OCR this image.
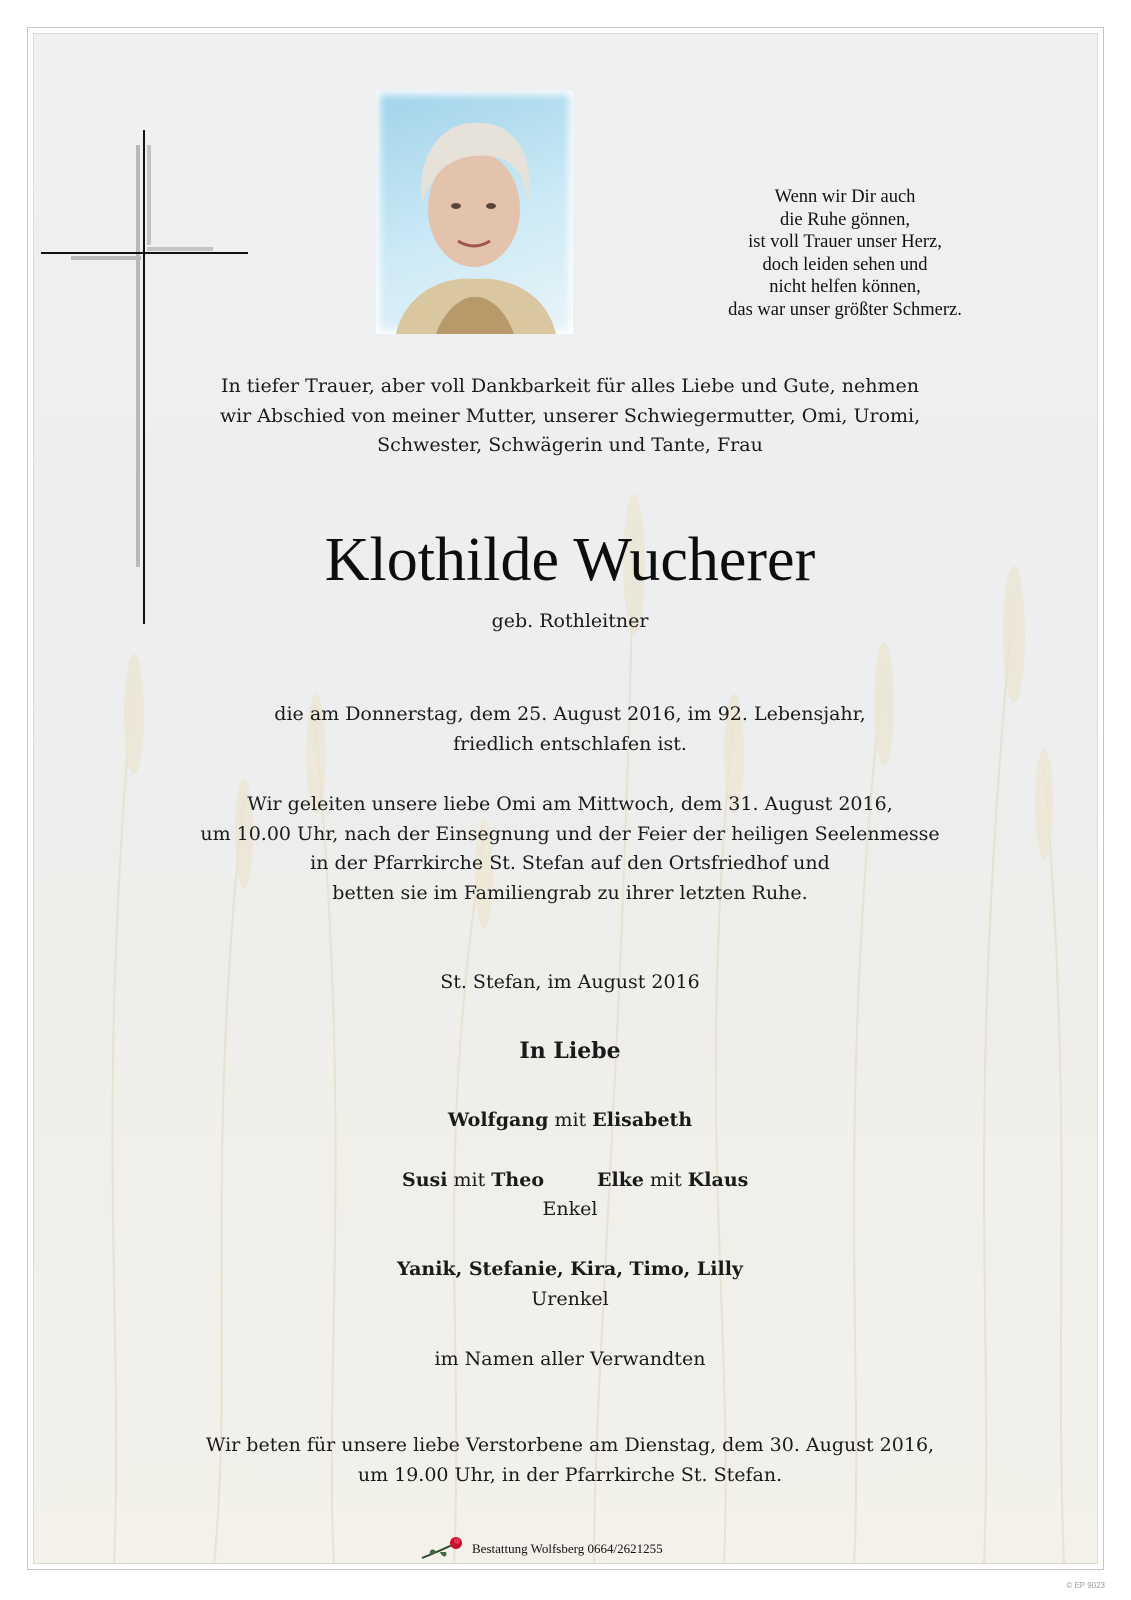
Wenn wir Dir auch
die Ruhe gönnen,
ist voll Trauer unser Herz,
doch leiden sehen und
nicht helfen können,
das war unser größter Schmerz.
In tiefer Trauer, aber voll Dankbarkeit für alles Liebe und Gute, nehmen
wir Abschied von meiner Mutter, unserer Schwiegermutter, Omi, Uromi,
Schwester, Schwägerin und Tante, Frau
Klothilde Wucherer
geb. Rothleitner
die am Donnerstag, dem 25. August 2016, im 92. Lebensjahr,
friedlich entschlafen ist.
Wir geleiten unsere liebe Omi am Mittwoch, dem 31. August 2016,
um 10.00 Uhr, nach der Einsegnung und der Feier der heiligen Seelenmesse
in der Pfarrkirche St. Stefan auf den Ortsfriedhof und
betten sie im Familiengrab zu ihrer letzten Ruhe.
St. Stefan, im August 2016
In Liebe
Wolfgang mit Elisabeth
Susi mit Theo	Elke mit Klaus
Enkel
Yanik, Stefanie, Kira, Timo, Lilly
Urenkel
im Namen aller Verwandten
Wir beten für unsere liebe Verstorbene am Dienstag, dem 30. August 2016,
um 19.00 Uhr, in der Pfarrkirche St. Stefan.
Bestattung Wolfsberg 0664/2621255
© EP 9023
